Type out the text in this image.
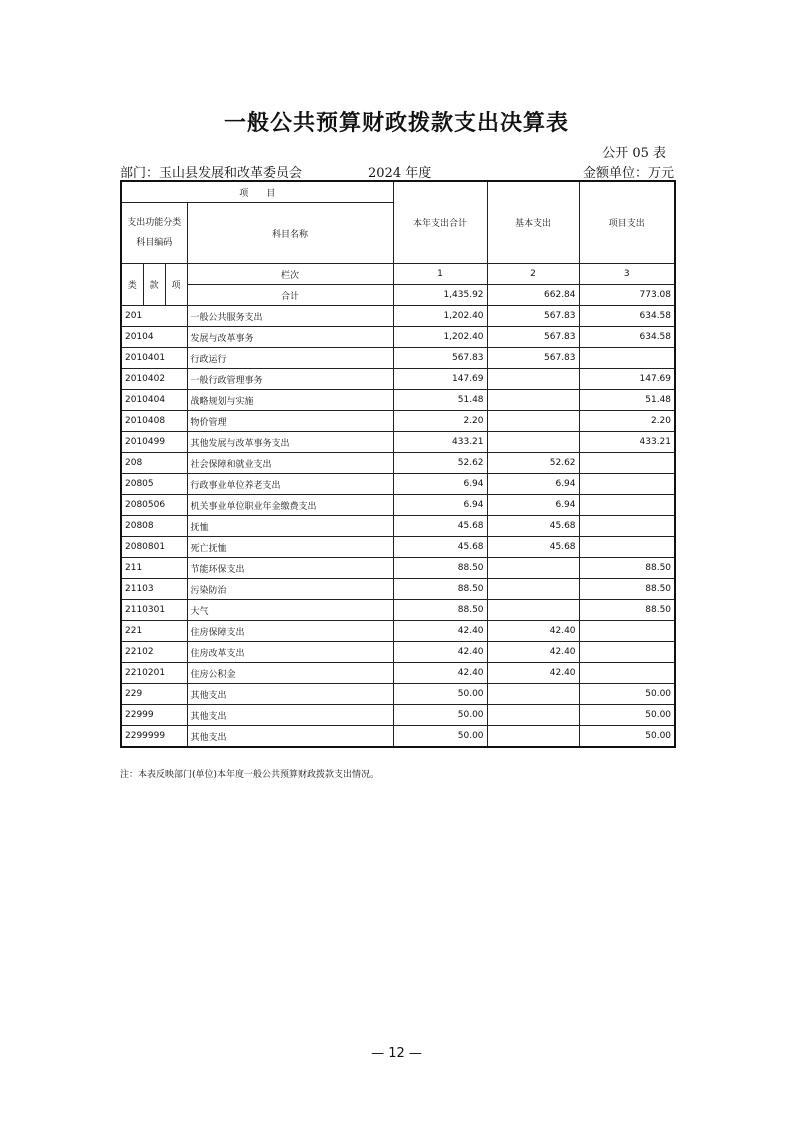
一般公共预算财政拨款支出决算表
公开 05 表
部门：玉山县发展和改革委员会	2024 年度	金额单位：万元
项　　目				本年支出合计	基本支出	项目支出
支出功能分类科目编码			科目名称			
类	款	项	栏次	1	2	3
			合计	1,435.92	662.84	773.08
201			一般公共服务支出	1,202.40	567.83	634.58
20104			发展与改革事务	1,202.40	567.83	634.58
2010401			行政运行	567.83	567.83	
2010402			一般行政管理事务	147.69		147.69
2010404			战略规划与实施	51.48		51.48
2010408			物价管理	2.20		2.20
2010499			其他发展与改革事务支出	433.21		433.21
208			社会保障和就业支出	52.62	52.62	
20805			行政事业单位养老支出	6.94	6.94	
2080506			机关事业单位职业年金缴费支出	6.94	6.94	
20808			抚恤	45.68	45.68	
2080801			死亡抚恤	45.68	45.68	
211			节能环保支出	88.50		88.50
21103			污染防治	88.50		88.50
2110301			大气	88.50		88.50
221			住房保障支出	42.40	42.40	
22102			住房改革支出	42.40	42.40	
2210201			住房公积金	42.40	42.40	
229			其他支出	50.00		50.00
22999			其他支出	50.00		50.00
2299999			其他支出	50.00		50.00
注：本表反映部门(单位)本年度一般公共预算财政拨款支出情况。
— 12 —
